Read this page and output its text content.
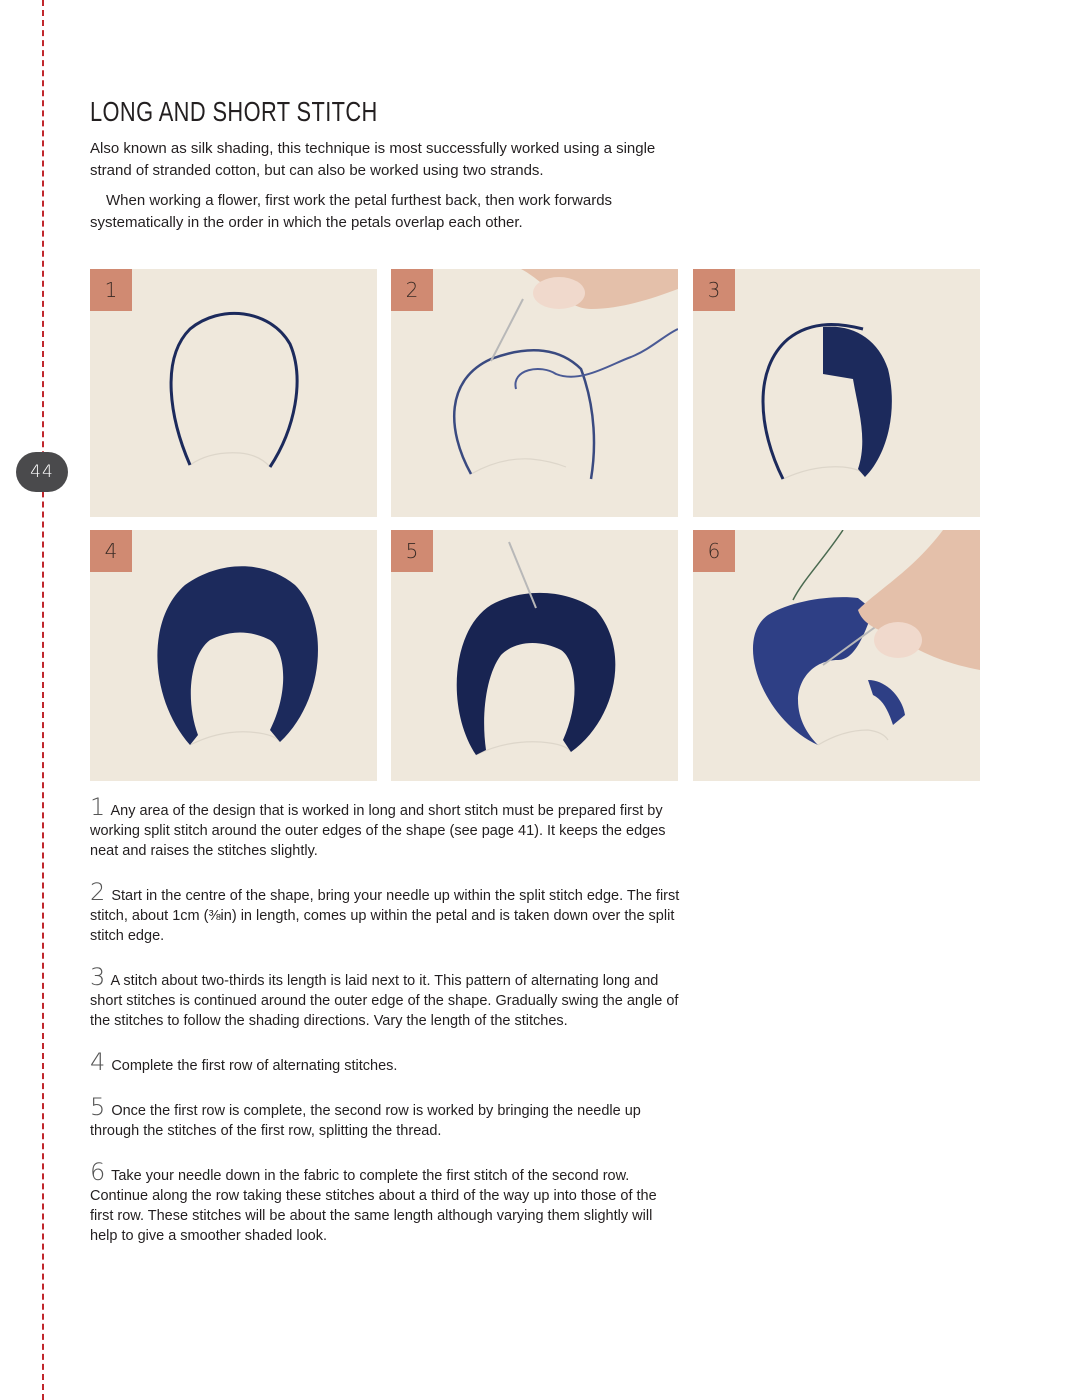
44
LONG AND SHORT STITCH

Also known as silk shading, this technique is most successfully worked using a single strand of stranded cotton, but can also be worked using two strands.

When working a flower, first work the petal furthest back, then work forwards systematically in the order in which the petals overlap each other.

1	2	3
4	5	6

1 Any area of the design that is worked in long and short stitch must be prepared first by working split stitch around the outer edges of the shape (see page 41). It keeps the edges neat and raises the stitches slightly.

2 Start in the centre of the shape, bring your needle up within the split stitch edge. The first stitch, about 1cm (⅜in) in length, comes up within the petal and is taken down over the split stitch edge.

3 A stitch about two-thirds its length is laid next to it. This pattern of alternating long and short stitches is continued around the outer edge of the shape. Gradually swing the angle of the stitches to follow the shading directions. Vary the length of the stitches.

4 Complete the first row of alternating stitches.

5 Once the first row is complete, the second row is worked by bringing the needle up through the stitches of the first row, splitting the thread.

6 Take your needle down in the fabric to complete the first stitch of the second row. Continue along the row taking these stitches about a third of the way up into those of the first row. These stitches will be about the same length although varying them slightly will help to give a smoother shaded look.
